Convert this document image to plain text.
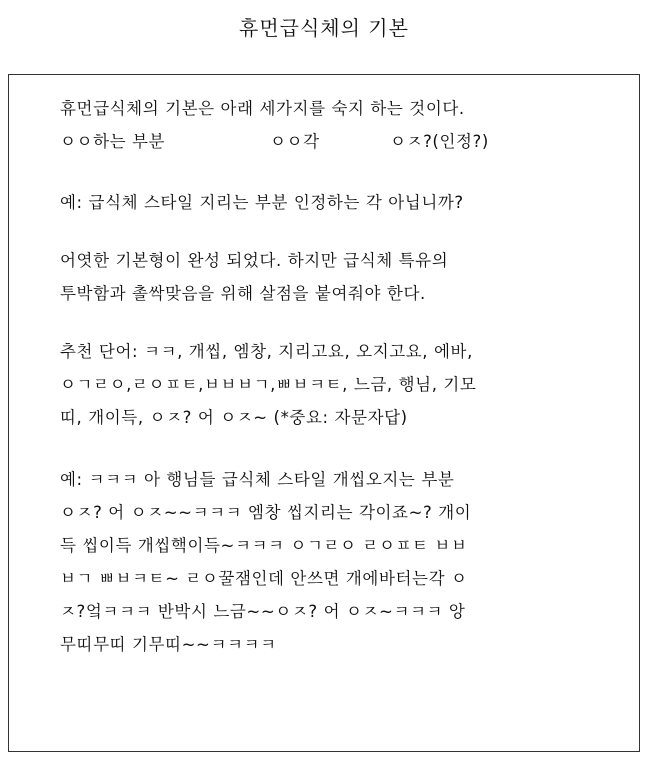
휴먼급식체의 기본

휴먼급식체의 기본은 아래 세가지를 숙지 하는 것이다.

ㅇㅇ하는 부분	ㅇㅇ각	ㅇㅈ?(인정?)

예: 급식체 스타일 지리는 부분 인정하는 각 아닙니까?

어엿한 기본형이 완성 되었다. 하지만 급식체 특유의

투박함과 촐싹맞음을 위해 살점을 붙여줘야 한다.

추천 단어: ㅋㅋ, 개씹, 엠창, 지리고요, 오지고요, 에바,

ㅇㄱㄹㅇ,ㄹㅇㅍㅌ,ㅂㅂㅂㄱ,ㅃㅂㅋㅌ, 느금, 행님, 기모

띠, 개이득, ㅇㅈ? 어 ㅇㅈ~ (*중요: 자문자답)

예: ㅋㅋㅋ 아 행님들 급식체 스타일 개씹오지는 부분

ㅇㅈ? 어 ㅇㅈ~~ㅋㅋㅋ 엠창 씹지리는 각이죠~? 개이

득 씹이득 개씹핵이득~ㅋㅋㅋ ㅇㄱㄹㅇ ㄹㅇㅍㅌ ㅂㅂ

ㅂㄱ ㅃㅂㅋㅌ~ ㄹㅇ꿀잼인데 안쓰면 개에바터는각 ㅇ

ㅈ?엌ㅋㅋㅋ 반박시 느금~~ㅇㅈ? 어 ㅇㅈ~ㅋㅋㅋ 앙

무띠무띠 기무띠~~ㅋㅋㅋㅋ
